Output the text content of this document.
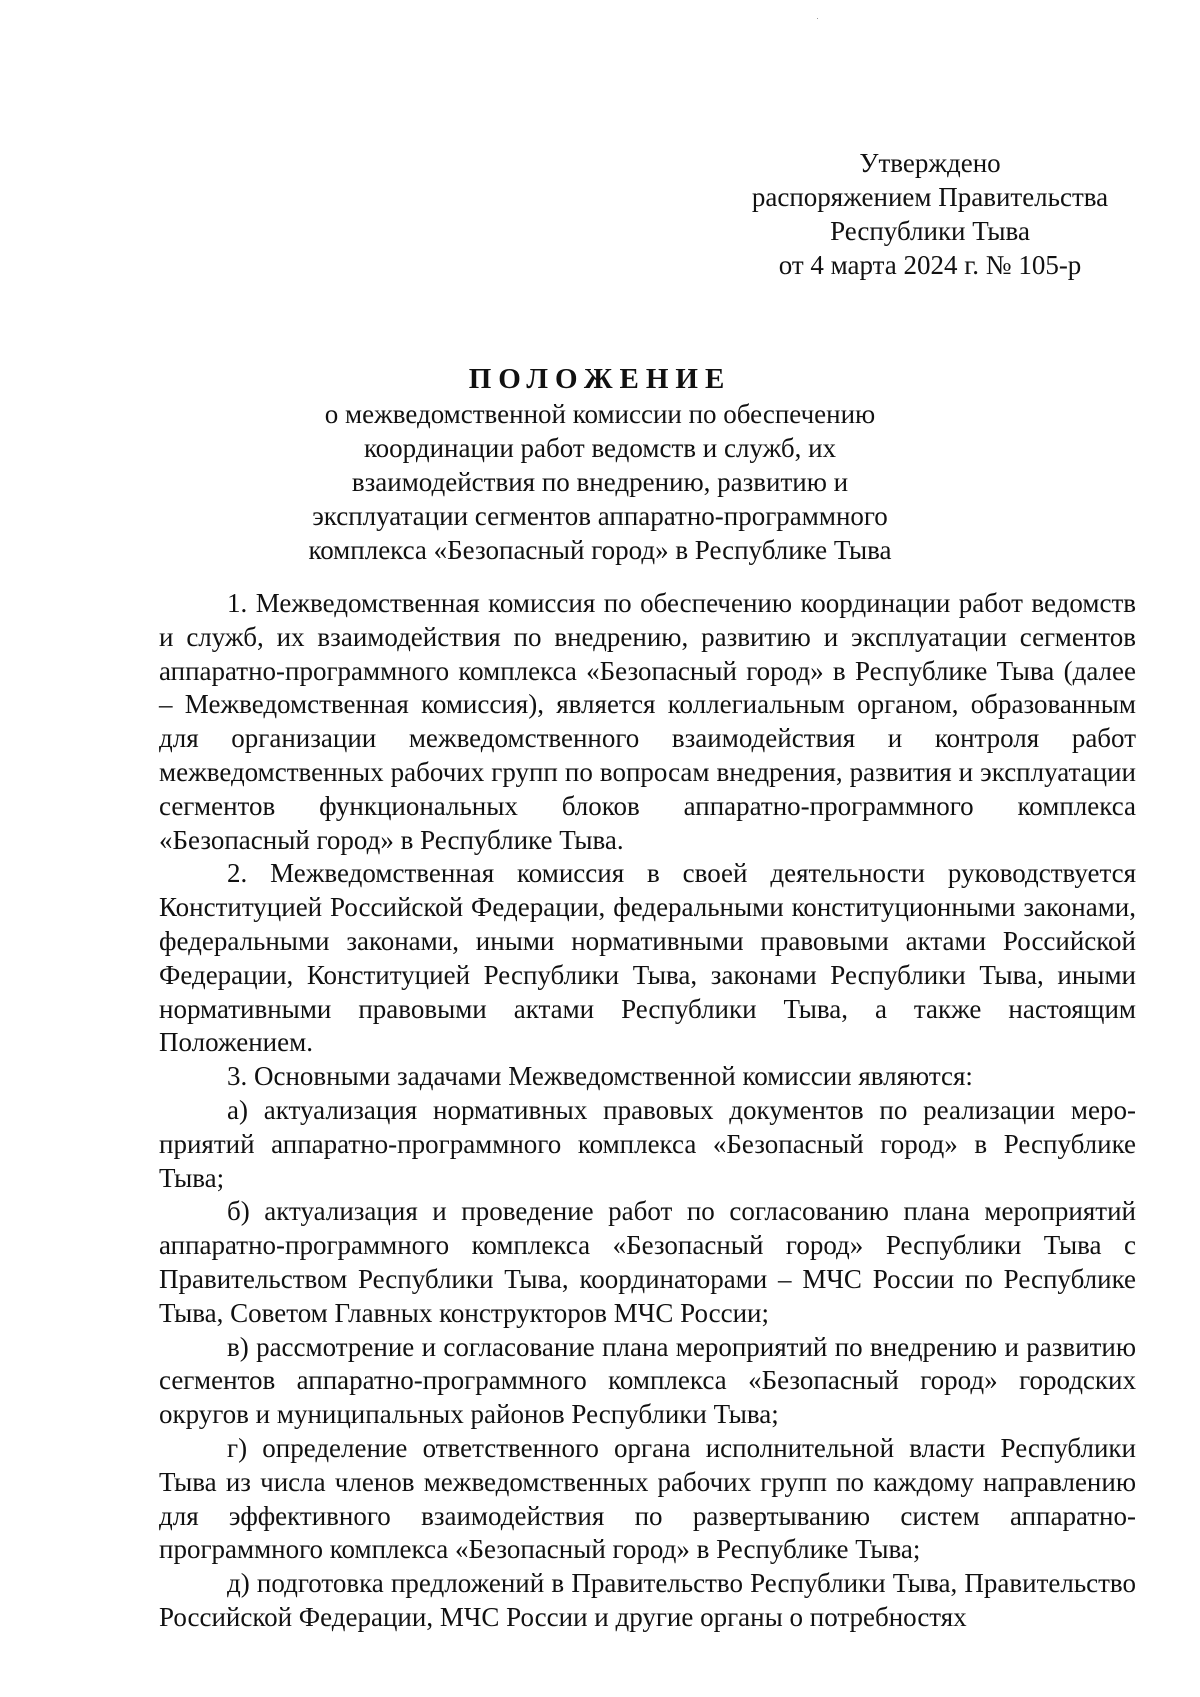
Утверждено
распоряжением Правительства
Республики Тыва
от 4 марта 2024 г. № 105-р
ПОЛОЖЕНИЕ
о межведомственной комиссии по обеспечению
координации работ ведомств и служб, их
взаимодействия по внедрению, развитию и
эксплуатации сегментов аппаратно-программного
комплекса «Безопасный город» в Республике Тыва

1. Межведомственная комиссия по обеспечению координации работ ведомств и служб, их взаимодействия по внедрению, развитию и эксплуатации сегментов аппаратно-программного комплекса «Безопасный город» в Республике Тыва (далее – Межведомственная комиссия), является коллегиальным органом, образованным для организации межведомственного взаимодействия и контроля работ межведомственных рабочих групп по вопросам внедрения, развития и эксплуатации сегментов функциональных блоков аппаратно-программного комплекса «Безопасный город» в Республике Тыва.

2. Межведомственная комиссия в своей деятельности руководствуется Конституцией Российской Федерации, федеральными конституционными законами, федеральными законами, иными нормативными правовыми актами Российской Федерации, Конституцией Республики Тыва, законами Республики Тыва, иными нормативными правовыми актами Республики Тыва, а также настоящим Положением.

3. Основными задачами Межведомственной комиссии являются:

а) актуализация нормативных правовых документов по реализации мероприятий аппаратно-программного комплекса «Безопасный город» в Республике Тыва;

б) актуализация и проведение работ по согласованию плана мероприятий аппаратно-программного комплекса «Безопасный город» Республики Тыва с Правительством Республики Тыва, координаторами – МЧС России по Республике Тыва, Советом Главных конструкторов МЧС России;

в) рассмотрение и согласование плана мероприятий по внедрению и развитию сегментов аппаратно-программного комплекса «Безопасный город» городских округов и муниципальных районов Республики Тыва;

г) определение ответственного органа исполнительной власти Республики Тыва из числа членов межведомственных рабочих групп по каждому направлению для эффективного взаимодействия по развертыванию систем аппаратно-программного комплекса «Безопасный город» в Республике Тыва;

д) подготовка предложений в Правительство Республики Тыва, Правительство Российской Федерации, МЧС России и другие органы о потребностях
